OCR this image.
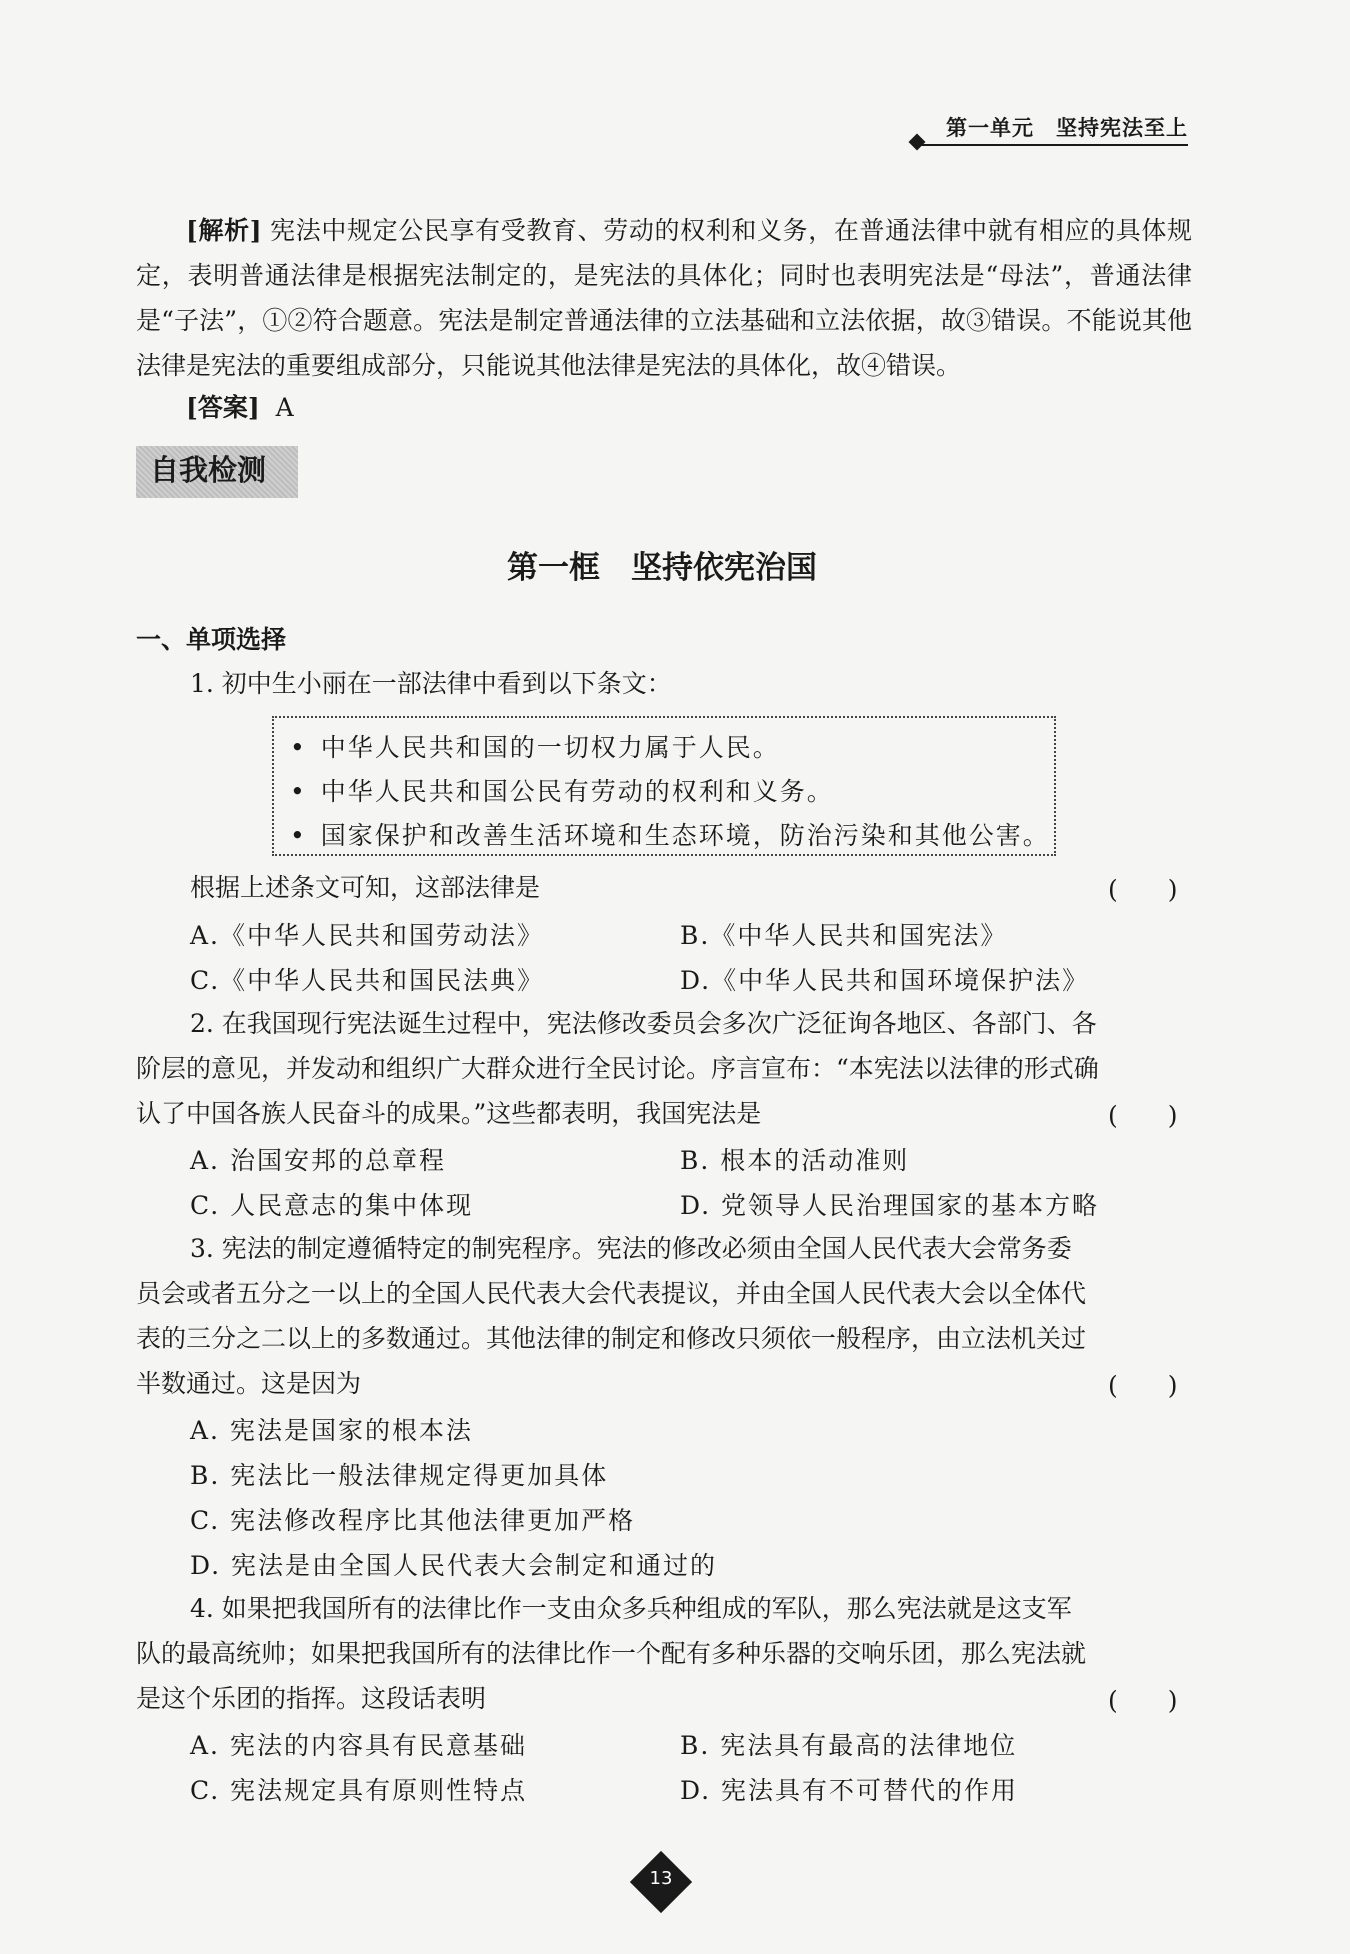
第一单元　坚持宪法至上

[解析] 宪法中规定公民享有受教育、劳动的权利和义务，在普通法律中就有相应的具体规定，表明普通法律是根据宪法制定的，是宪法的具体化；同时也表明宪法是“母法”，普通法律是“子法”，①②符合题意。宪法是制定普通法律的立法基础和立法依据，故③错误。不能说其他法律是宪法的重要组成部分，只能说其他法律是宪法的具体化，故④错误。

[答案] A
自我检测
第一框　坚持依宪治国
一、单项选择
1. 初中生小丽在一部法律中看到以下条文：
• 中华人民共和国的一切权力属于人民。
• 中华人民共和国公民有劳动的权利和义务。
• 国家保护和改善生活环境和生态环境，防治污染和其他公害。
根据上述条文可知，这部法律是	(　　)
A.《中华人民共和国劳动法》	B.《中华人民共和国宪法》
C.《中华人民共和国民法典》	D.《中华人民共和国环境保护法》
2. 在我国现行宪法诞生过程中，宪法修改委员会多次广泛征询各地区、各部门、各
阶层的意见，并发动和组织广大群众进行全民讨论。序言宣布：“本宪法以法律的形式确
认了中国各族人民奋斗的成果。”这些都表明，我国宪法是	(　　)
A. 治国安邦的总章程	B. 根本的活动准则
C. 人民意志的集中体现	D. 党领导人民治理国家的基本方略
3. 宪法的制定遵循特定的制宪程序。宪法的修改必须由全国人民代表大会常务委
员会或者五分之一以上的全国人民代表大会代表提议，并由全国人民代表大会以全体代
表的三分之二以上的多数通过。其他法律的制定和修改只须依一般程序，由立法机关过
半数通过。这是因为	(　　)
A. 宪法是国家的根本法
B. 宪法比一般法律规定得更加具体
C. 宪法修改程序比其他法律更加严格
D. 宪法是由全国人民代表大会制定和通过的
4. 如果把我国所有的法律比作一支由众多兵种组成的军队，那么宪法就是这支军
队的最高统帅；如果把我国所有的法律比作一个配有多种乐器的交响乐团，那么宪法就
是这个乐团的指挥。这段话表明	(　　)
A. 宪法的内容具有民意基础	B. 宪法具有最高的法律地位
C. 宪法规定具有原则性特点	D. 宪法具有不可替代的作用
13
